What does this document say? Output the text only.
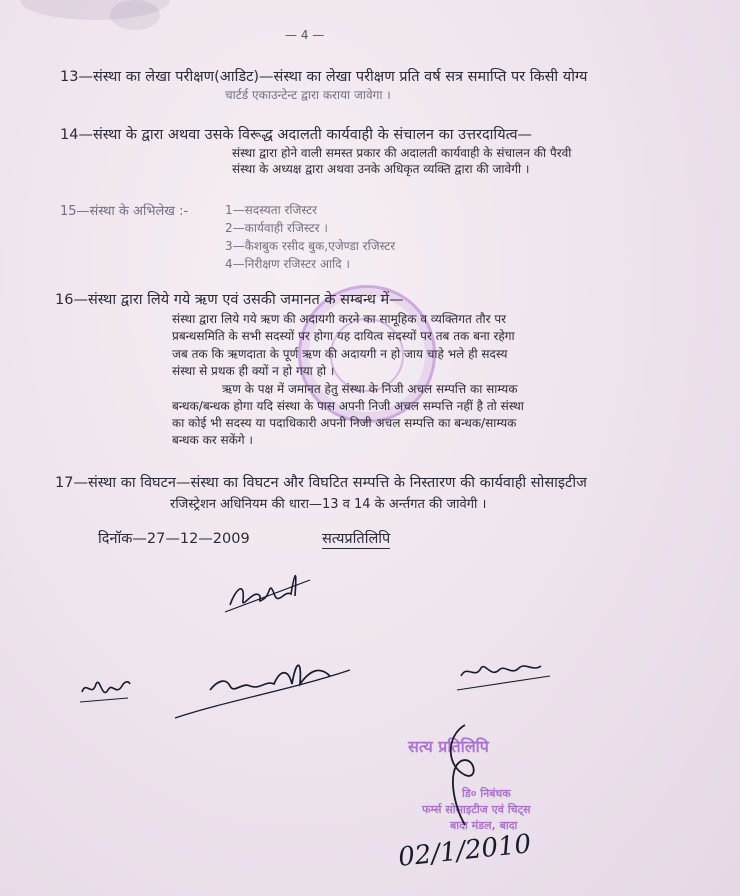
— 4 —
13—संस्था का लेखा परीक्षण(आडिट)—संस्था का लेखा परीक्षण प्रति वर्ष सत्र समाप्ति पर किसी योग्य
चार्टर्ड एकाउन्टेन्ट द्वारा कराया जावेगा ।
14—संस्था के द्वारा अथवा उसके विरूद्ध अदालती कार्यवाही के संचालन का उत्तरदायित्व—
संस्था द्वारा होने वाली समस्त प्रकार की अदालती कार्यवाही के संचालन की पैरवी
संस्था के अध्यक्ष द्वारा अथवा उनके अधिकृत व्यक्ति द्वारा की जावेगी ।
15—संस्था के अभिलेख :-	1—सदस्यता रजिस्टर
2—कार्यवाही रजिस्टर ।
3—कैशबुक रसीद बुक,एजेण्डा रजिस्टर
4—निरीक्षण रजिस्टर आदि ।
16—संस्था द्वारा लिये गये ऋण एवं उसकी जमानत के सम्बन्ध में—
संस्था द्वारा लिये गये ऋण की अदायगी करने का सामूहिक व व्यक्तिगत तौर पर
प्रबन्धसमिति के सभी सदस्यों पर होगा यह दायित्व सदस्यों पर तब तक बना रहेगा
जब तक कि ऋणदाता के पूर्ण ऋण की अदायगी न हो जाय चाहे भले ही सदस्य
संस्था से प्रथक ही क्यों न हो गया हो ।
ऋण के पक्ष में जमानत हेतु संस्था के निजी अचल सम्पत्ति का साम्यक
बन्धक/बन्धक होगा यदि संस्था के पास अपनी निजी अचल सम्पत्ति नहीं है तो संस्था
का कोई भी सदस्य या पदाधिकारी अपनी निजी अचल सम्पत्ति का बन्धक/साम्यक
बन्धक कर सकेंगे ।
17—संस्था का विघटन—संस्था का विघटन और विघटित सम्पत्ति के निस्तारण की कार्यवाही सोसाइटीज
रजिस्ट्रेशन अधिनियम की धारा—13 व 14 के अर्न्तगत की जावेगी ।
दिनॉक—27—12—2009	सत्यप्रतिलिपि
सत्य प्रतिलिपि
डि० निबंधक
फर्म्स सोसाइटीज एवं चिट्स
बादा मंडल, बादा
02/1/2010
